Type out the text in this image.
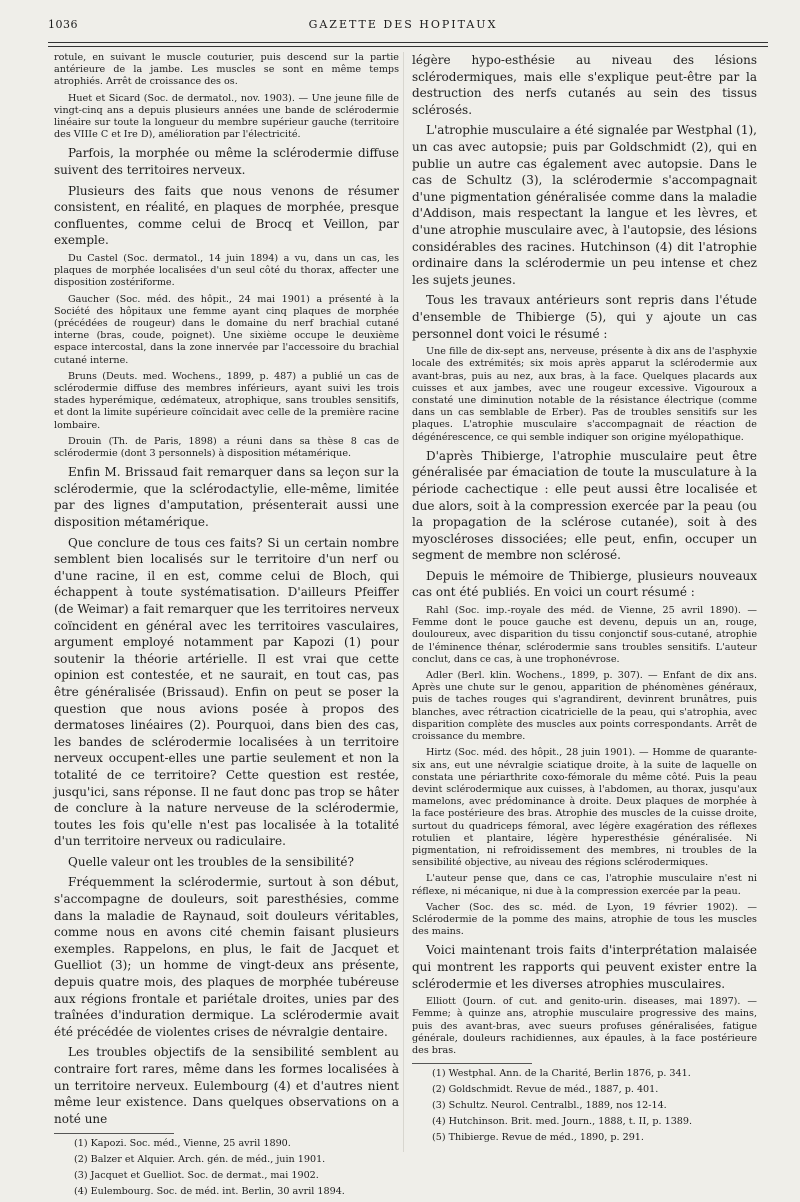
1036	GAZETTE DES HOPITAUX

rotule, en suivant le muscle couturier, puis descend sur la partie antérieure de la jambe. Les muscles se sont en même temps atrophiés. Arrêt de croissance des os.

Huet et Sicard (Soc. de dermatol., nov. 1903). — Une jeune fille de vingt-cinq ans a depuis plusieurs années une bande de sclérodermie linéaire sur toute la longueur du membre supérieur gauche (territoire des VIIIe C et Ire D), amélioration par l'électricité.

Parfois, la morphée ou même la sclérodermie diffuse suivent des territoires nerveux.

Plusieurs des faits que nous venons de résumer consistent, en réalité, en plaques de morphée, presque confluentes, comme celui de Brocq et Veillon, par exemple.

Du Castel (Soc. dermatol., 14 juin 1894) a vu, dans un cas, les plaques de morphée localisées d'un seul côté du thorax, affecter une disposition zostériforme.

Gaucher (Soc. méd. des hôpit., 24 mai 1901) a présenté à la Société des hôpitaux une femme ayant cinq plaques de morphée (précédées de rougeur) dans le domaine du nerf brachial cutané interne (bras, coude, poignet). Une sixième occupe le deuxième espace intercostal, dans la zone innervée par l'accessoire du brachial cutané interne.

Bruns (Deuts. med. Wochens., 1899, p. 487) a publié un cas de sclérodermie diffuse des membres inférieurs, ayant suivi les trois stades hyperémique, œdémateux, atrophique, sans troubles sensitifs, et dont la limite supérieure coïncidait avec celle de la première racine lombaire.

Drouin (Th. de Paris, 1898) a réuni dans sa thèse 8 cas de sclérodermie (dont 3 personnels) à disposition métamérique.

Enfin M. Brissaud fait remarquer dans sa leçon sur la sclérodermie, que la sclérodactylie, elle-même, limitée par des lignes d'amputation, présenterait aussi une disposition métamérique.

Que conclure de tous ces faits? Si un certain nombre semblent bien localisés sur le territoire d'un nerf ou d'une racine, il en est, comme celui de Bloch, qui échappent à toute systématisation. D'ailleurs Pfeiffer (de Weimar) a fait remarquer que les territoires nerveux coïncident en général avec les territoires vasculaires, argument employé notamment par Kapozi (1) pour soutenir la théorie artérielle. Il est vrai que cette opinion est contestée, et ne saurait, en tout cas, pas être généralisée (Brissaud). Enfin on peut se poser la question que nous avions posée à propos des dermatoses linéaires (2). Pourquoi, dans bien des cas, les bandes de sclérodermie localisées à un territoire nerveux occupent-elles une partie seulement et non la totalité de ce territoire? Cette question est restée, jusqu'ici, sans réponse. Il ne faut donc pas trop se hâter de conclure à la nature nerveuse de la sclérodermie, toutes les fois qu'elle n'est pas localisée à la totalité d'un territoire nerveux ou radiculaire.

Quelle valeur ont les troubles de la sensibilité?

Fréquemment la sclérodermie, surtout à son début, s'accompagne de douleurs, soit paresthésies, comme dans la maladie de Raynaud, soit douleurs véritables, comme nous en avons cité chemin faisant plusieurs exemples. Rappelons, en plus, le fait de Jacquet et Guelliot (3); un homme de vingt-deux ans présente, depuis quatre mois, des plaques de morphée tubéreuse aux régions frontale et pariétale droites, unies par des traînées d'induration dermique. La sclérodermie avait été précédée de violentes crises de névralgie dentaire.

Les troubles objectifs de la sensibilité semblent au contraire fort rares, même dans les formes localisées à un territoire nerveux. Eulembourg (4) et d'autres nient même leur existence. Dans quelques observations on a noté une

(1) Kapozi. Soc. méd., Vienne, 25 avril 1890.

(2) Balzer et Alquier. Arch. gén. de méd., juin 1901.

(3) Jacquet et Guelliot. Soc. de dermat., mai 1902.

(4) Eulembourg. Soc. de méd. int. Berlin, 30 avril 1894.

légère hypo-esthésie au niveau des lésions sclérodermiques, mais elle s'explique peut-être par la destruction des nerfs cutanés au sein des tissus sclérosés.

L'atrophie musculaire a été signalée par Westphal (1), un cas avec autopsie; puis par Goldschmidt (2), qui en publie un autre cas également avec autopsie. Dans le cas de Schultz (3), la sclérodermie s'accompagnait d'une pigmentation généralisée comme dans la maladie d'Addison, mais respectant la langue et les lèvres, et d'une atrophie musculaire avec, à l'autopsie, des lésions considérables des racines. Hutchinson (4) dit l'atrophie ordinaire dans la sclérodermie un peu intense et chez les sujets jeunes.

Tous les travaux antérieurs sont repris dans l'étude d'ensemble de Thibierge (5), qui y ajoute un cas personnel dont voici le résumé :

Une fille de dix-sept ans, nerveuse, présente à dix ans de l'asphyxie locale des extrémités; six mois après apparut la sclérodermie aux avant-bras, puis au nez, aux bras, à la face. Quelques placards aux cuisses et aux jambes, avec une rougeur excessive. Vigouroux a constaté une diminution notable de la résistance électrique (comme dans un cas semblable de Erber). Pas de troubles sensitifs sur les plaques. L'atrophie musculaire s'accompagnait de réaction de dégénérescence, ce qui semble indiquer son origine myélopathique.

D'après Thibierge, l'atrophie musculaire peut être généralisée par émaciation de toute la musculature à la période cachectique : elle peut aussi être localisée et due alors, soit à la compression exercée par la peau (ou la propagation de la sclérose cutanée), soit à des myoscléroses dissociées; elle peut, enfin, occuper un segment de membre non sclérosé.

Depuis le mémoire de Thibierge, plusieurs nouveaux cas ont été publiés. En voici un court résumé :

Rahl (Soc. imp.-royale des méd. de Vienne, 25 avril 1890). — Femme dont le pouce gauche est devenu, depuis un an, rouge, douloureux, avec disparition du tissu conjonctif sous-cutané, atrophie de l'éminence thénar, sclérodermie sans troubles sensitifs. L'auteur conclut, dans ce cas, à une trophonévrose.

Adler (Berl. klin. Wochens., 1899, p. 307). — Enfant de dix ans. Après une chute sur le genou, apparition de phénomènes généraux, puis de taches rouges qui s'agrandirent, devinrent brunâtres, puis blanches, avec rétraction cicatricielle de la peau, qui s'atrophia, avec disparition complète des muscles aux points correspondants. Arrêt de croissance du membre.

Hirtz (Soc. méd. des hôpit., 28 juin 1901). — Homme de quarante-six ans, eut une névralgie sciatique droite, à la suite de laquelle on constata une périarthrite coxo-fémorale du même côté. Puis la peau devint sclérodermique aux cuisses, à l'abdomen, au thorax, jusqu'aux mamelons, avec prédominance à droite. Deux plaques de morphée à la face postérieure des bras. Atrophie des muscles de la cuisse droite, surtout du quadriceps fémoral, avec légère exagération des réflexes rotulien et plantaire, légère hyperesthésie généralisée. Ni pigmentation, ni refroidissement des membres, ni troubles de la sensibilité objective, au niveau des régions sclérodermiques.

L'auteur pense que, dans ce cas, l'atrophie musculaire n'est ni réflexe, ni mécanique, ni due à la compression exercée par la peau.

Vacher (Soc. des sc. méd. de Lyon, 19 février 1902). — Sclérodermie de la pomme des mains, atrophie de tous les muscles des mains.

Voici maintenant trois faits d'interprétation malaisée qui montrent les rapports qui peuvent exister entre la sclérodermie et les diverses atrophies musculaires.

Elliott (Journ. of cut. and genito-urin. diseases, mai 1897). — Femme; à quinze ans, atrophie musculaire progressive des mains, puis des avant-bras, avec sueurs profuses généralisées, fatigue générale, douleurs rachidiennes, aux épaules, à la face postérieure des bras.

(1) Westphal. Ann. de la Charité, Berlin 1876, p. 341.

(2) Goldschmidt. Revue de méd., 1887, p. 401.

(3) Schultz. Neurol. Centralbl., 1889, nos 12-14.

(4) Hutchinson. Brit. med. Journ., 1888, t. II, p. 1389.

(5) Thibierge. Revue de méd., 1890, p. 291.
